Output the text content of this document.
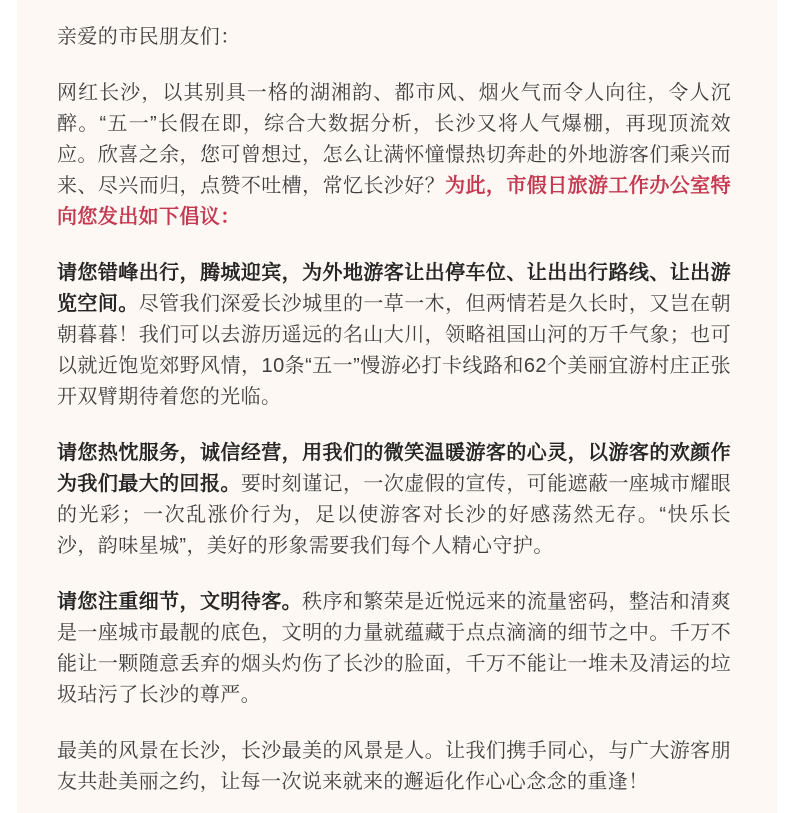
亲爱的市民朋友们：

网红长沙，以其别具一格的湖湘韵、都市风、烟火气而令人向往，令人沉醉。“五一”长假在即，综合大数据分析，长沙又将人气爆棚，再现顶流效应。欣喜之余，您可曾想过，怎么让满怀憧憬热切奔赴的外地游客们乘兴而来、尽兴而归，点赞不吐槽，常忆长沙好？为此，市假日旅游工作办公室特向您发出如下倡议：

请您错峰出行，腾城迎宾，为外地游客让出停车位、让出出行路线、让出游览空间。尽管我们深爱长沙城里的一草一木，但两情若是久长时，又岂在朝朝暮暮！我们可以去游历遥远的名山大川，领略祖国山河的万千气象；也可以就近饱览郊野风情，10条“五一”慢游必打卡线路和62个美丽宜游村庄正张开双臂期待着您的光临。

请您热忱服务，诚信经营，用我们的微笑温暖游客的心灵，以游客的欢颜作为我们最大的回报。要时刻谨记，一次虚假的宣传，可能遮蔽一座城市耀眼的光彩；一次乱涨价行为，足以使游客对长沙的好感荡然无存。“快乐长沙，韵味星城”，美好的形象需要我们每个人精心守护。

请您注重细节，文明待客。秩序和繁荣是近悦远来的流量密码，整洁和清爽是一座城市最靓的底色，文明的力量就蕴藏于点点滴滴的细节之中。千万不能让一颗随意丢弃的烟头灼伤了长沙的脸面，千万不能让一堆未及清运的垃圾玷污了长沙的尊严。

最美的风景在长沙，长沙最美的风景是人。让我们携手同心，与广大游客朋友共赴美丽之约，让每一次说来就来的邂逅化作心心念念的重逢！
